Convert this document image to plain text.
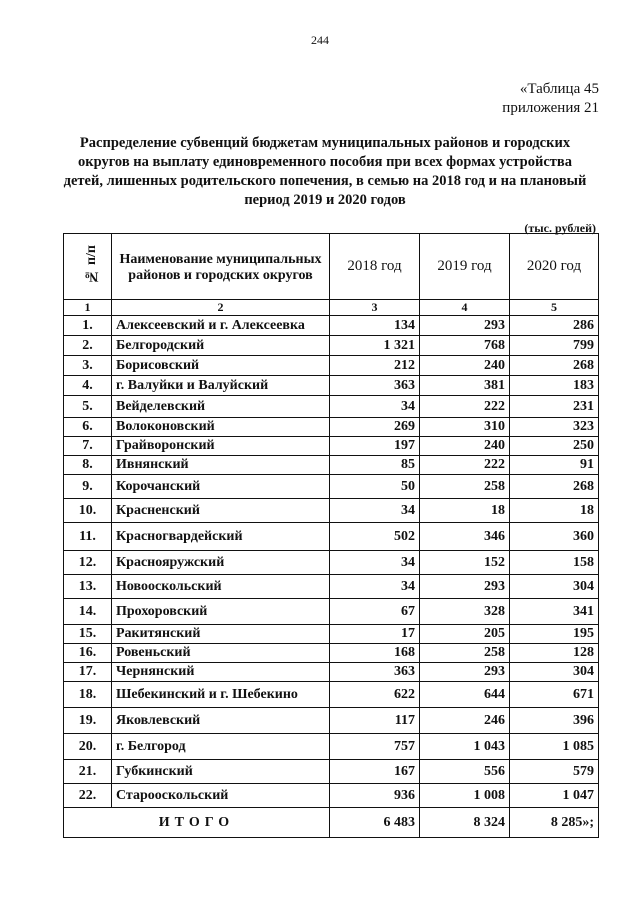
244
«Таблица 45
приложения 21
Распределение субвенций бюджетам муниципальных районов и городских округов на выплату единовременного пособия при всех формах устройства детей, лишенных родительского попечения, в семью на 2018 год и на плановый период 2019 и 2020 годов
(тыс. рублей)
№ п/п	Наименование муниципальных районов и городских округов	2018 год	2019 год	2020 год
1	2	3	4	5
1.	Алексеевский и г. Алексеевка	134	293	286
2.	Белгородский	1 321	768	799
3.	Борисовский	212	240	268
4.	г. Валуйки и Валуйский	363	381	183
5.	Вейделевский	34	222	231
6.	Волоконовский	269	310	323
7.	Грайворонский	197	240	250
8.	Ивнянский	85	222	91
9.	Корочанский	50	258	268
10.	Красненский	34	18	18
11.	Красногвардейский	502	346	360
12.	Краснояружский	34	152	158
13.	Новооскольский	34	293	304
14.	Прохоровский	67	328	341
15.	Ракитянский	17	205	195
16.	Ровеньский	168	258	128
17.	Чернянский	363	293	304
18.	Шебекинский и г. Шебекино	622	644	671
19.	Яковлевский	117	246	396
20.	г. Белгород	757	1 043	1 085
21.	Губкинский	167	556	579
22.	Старооскольский	936	1 008	1 047
ИТОГО		6 483	8 324	8 285»;
